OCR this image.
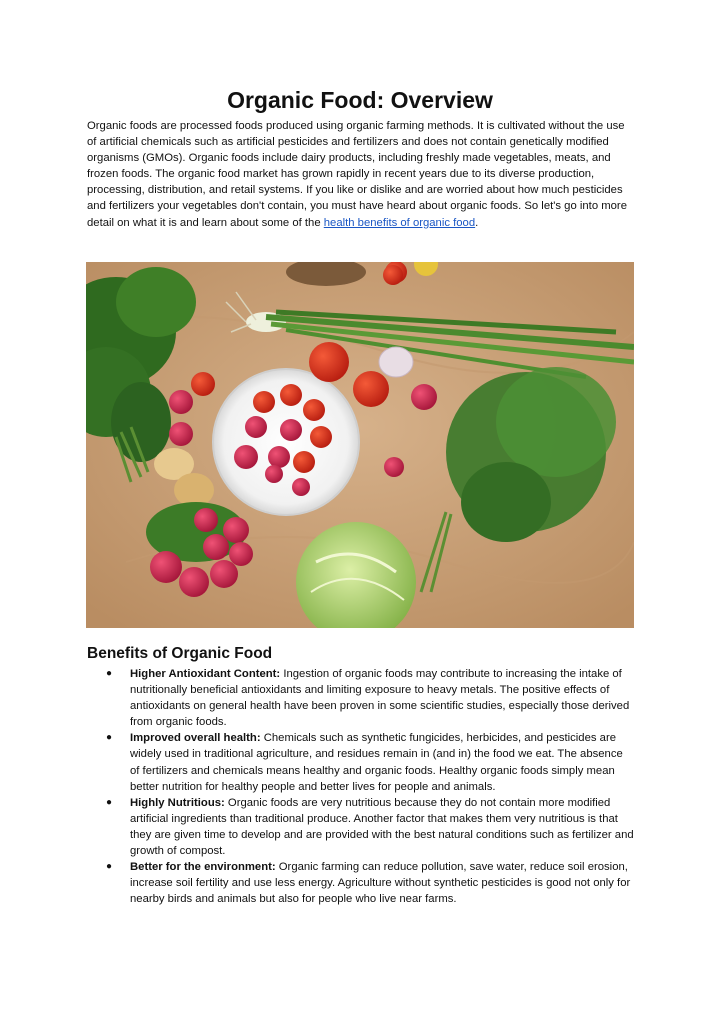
Organic Food: Overview
Organic foods are processed foods produced using organic farming methods. It is cultivated without the use of artificial chemicals such as artificial pesticides and fertilizers and does not contain genetically modified organisms (GMOs). Organic foods include dairy products, including freshly made vegetables, meats, and frozen foods. The organic food market has grown rapidly in recent years due to its diverse production, processing, distribution, and retail systems. If you like or dislike and are worried about how much pesticides and fertilizers your vegetables don't contain, you must have heard about organic foods. So let's go into more detail on what it is and learn about some of the health benefits of organic food.
Benefits of Organic Food
● Higher Antioxidant Content: Ingestion of organic foods may contribute to increasing the intake of nutritionally beneficial antioxidants and limiting exposure to heavy metals. The positive effects of antioxidants on general health have been proven in some scientific studies, especially those derived from organic foods.
● Improved overall health: Chemicals such as synthetic fungicides, herbicides, and pesticides are widely used in traditional agriculture, and residues remain in (and in) the food we eat. The absence of fertilizers and chemicals means healthy and organic foods. Healthy organic foods simply mean better nutrition for healthy people and better lives for people and animals.
● Highly Nutritious: Organic foods are very nutritious because they do not contain more modified artificial ingredients than traditional produce. Another factor that makes them very nutritious is that they are given time to develop and are provided with the best natural conditions such as fertilizer and growth of compost.
● Better for the environment: Organic farming can reduce pollution, save water, reduce soil erosion, increase soil fertility and use less energy. Agriculture without synthetic pesticides is good not only for nearby birds and animals but also for people who live near farms.
